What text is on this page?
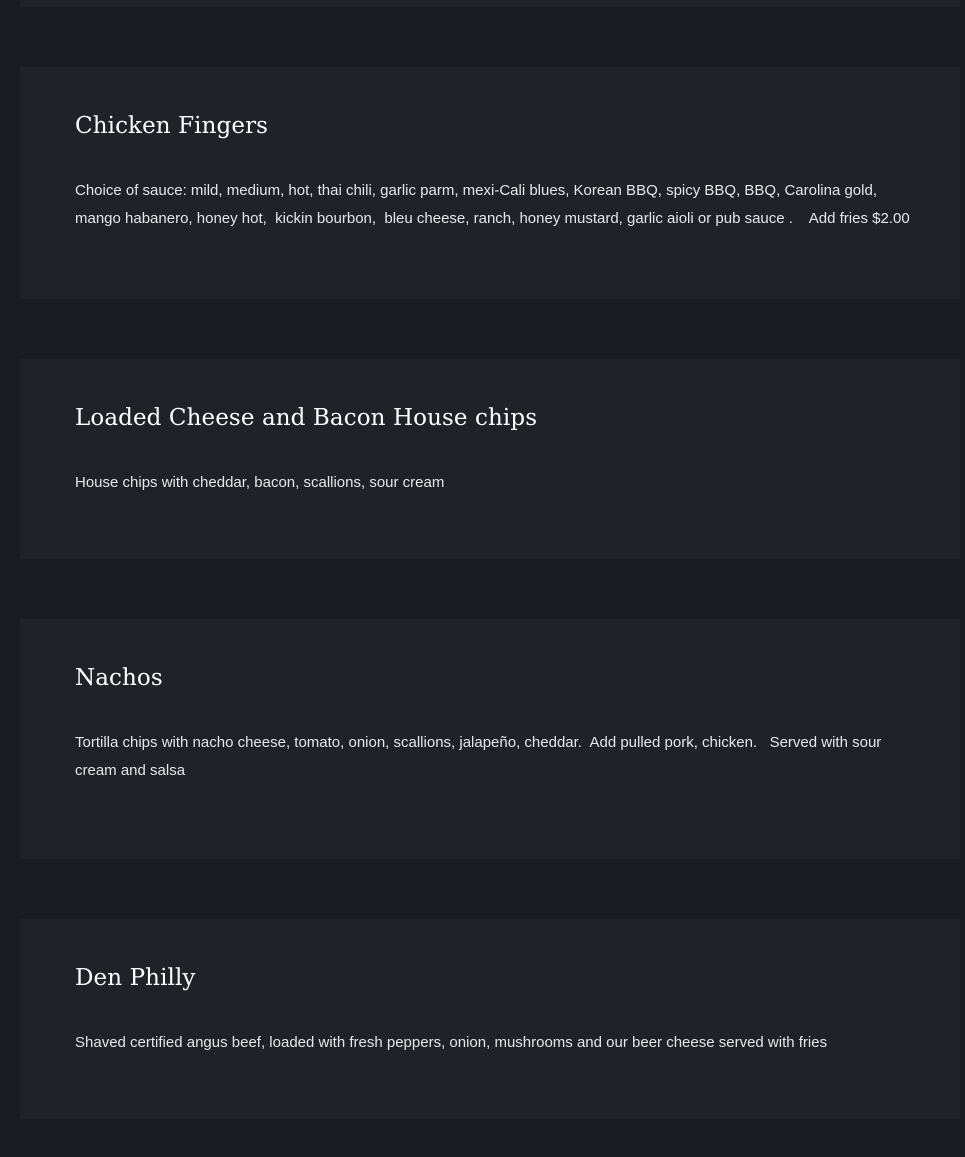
Chicken Fingers

Choice of sauce: mild, medium, hot, thai chili, garlic parm, mexi-Cali blues, Korean BBQ, spicy BBQ, BBQ, Carolina gold, mango habanero, honey hot,  kickin bourbon,  bleu cheese, ranch, honey mustard, garlic aioli or pub sauce .    Add fries $2.00

Loaded Cheese and Bacon House chips

House chips with cheddar, bacon, scallions, sour cream

Nachos

Tortilla chips with nacho cheese, tomato, onion, scallions, jalapeño, cheddar.  Add pulled pork, chicken.   Served with sour cream and salsa

Den Philly

Shaved certified angus beef, loaded with fresh peppers, onion, mushrooms and our beer cheese served with fries
